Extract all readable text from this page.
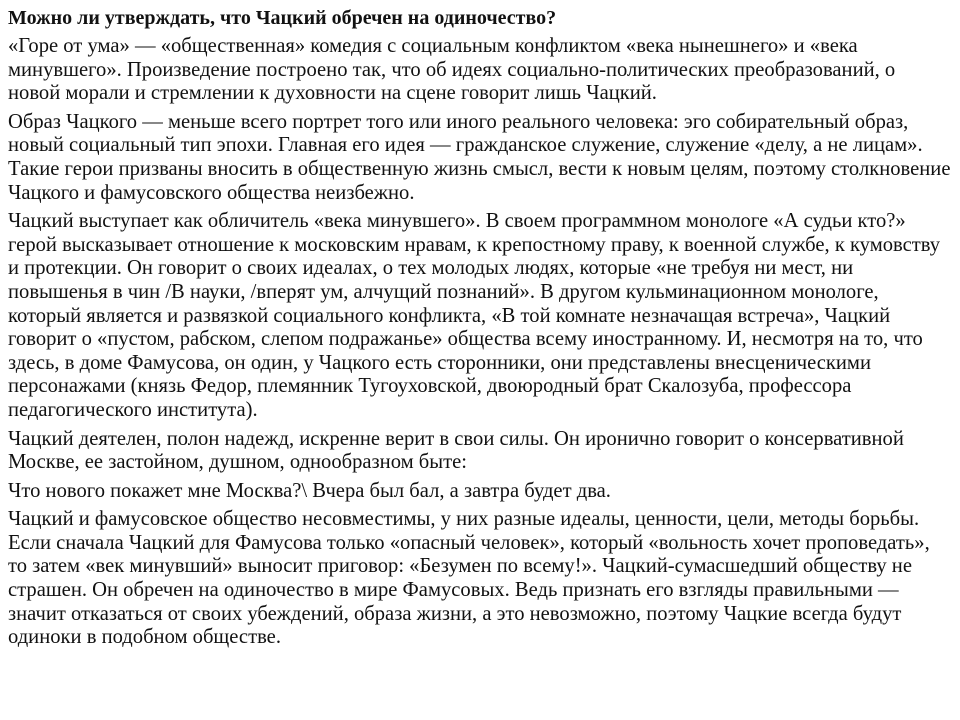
Можно ли утверждать, что Чацкий обречен на одиночество?

«Горе от ума» — «общественная» комедия с социальным конфликтом «века нынешнего» и «века минувшего». Произведение построено так, что об идеях социально-политических преобразований, о новой морали и стремлении к духовности на сцене говорит лишь Чацкий.

Образ Чацкого — меньше всего портрет того или иного реального человека: эго собирательный образ, новый социальный тип эпохи. Главная его идея — гражданское служение, служение «делу, а не лицам». Такие герои призваны вносить в общественную жизнь смысл, вести к новым целям, поэтому столкновение Чацкого и фамусовского общества неизбежно.

Чацкий выступает как обличитель «века минувшего». В своем программном монологе «А судьи кто?» герой высказывает отношение к московским нравам, к крепостному праву, к военной службе, к кумовству и протекции. Он говорит о своих идеалах, о тех молодых людях, которые «не требуя ни мест, ни повышенья в чин /В науки, /вперят ум, алчущий познаний». В другом кульминационном монологе, который является и развязкой социального конфликта, «В той комнате незначащая встреча», Чацкий говорит о «пустом, рабском, слепом подражанье» общества всему иностранному. И, несмотря на то, что здесь, в доме Фамусова, он один, у Чацкого есть сторонники, они представлены внесценическими персонажами (князь Федор, племянник Тугоуховской, двоюродный брат Скалозуба, профессора педагогического института).

Чацкий деятелен, полон надежд, искренне верит в свои силы. Он иронично говорит о консервативной Москве, ее застойном, душном, однообразном быте:

Что нового покажет мне Москва?\ Вчера был бал, а завтра будет два.

Чацкий и фамусовское общество несовместимы, у них разные идеалы, ценности, цели, методы борьбы. Если сначала Чацкий для Фамусова только «опасный человек», который «вольность хочет проповедать», то затем «век минувший» выносит приговор: «Безумен по всему!». Чацкий-сумасшедший обществу не страшен. Он обречен на одиночество в мире Фамусовых. Ведь признать его взгляды правильными — значит отказаться от своих убеждений, образа жизни, а это невозможно, поэтому Чацкие всегда будут одиноки в подобном обществе.
